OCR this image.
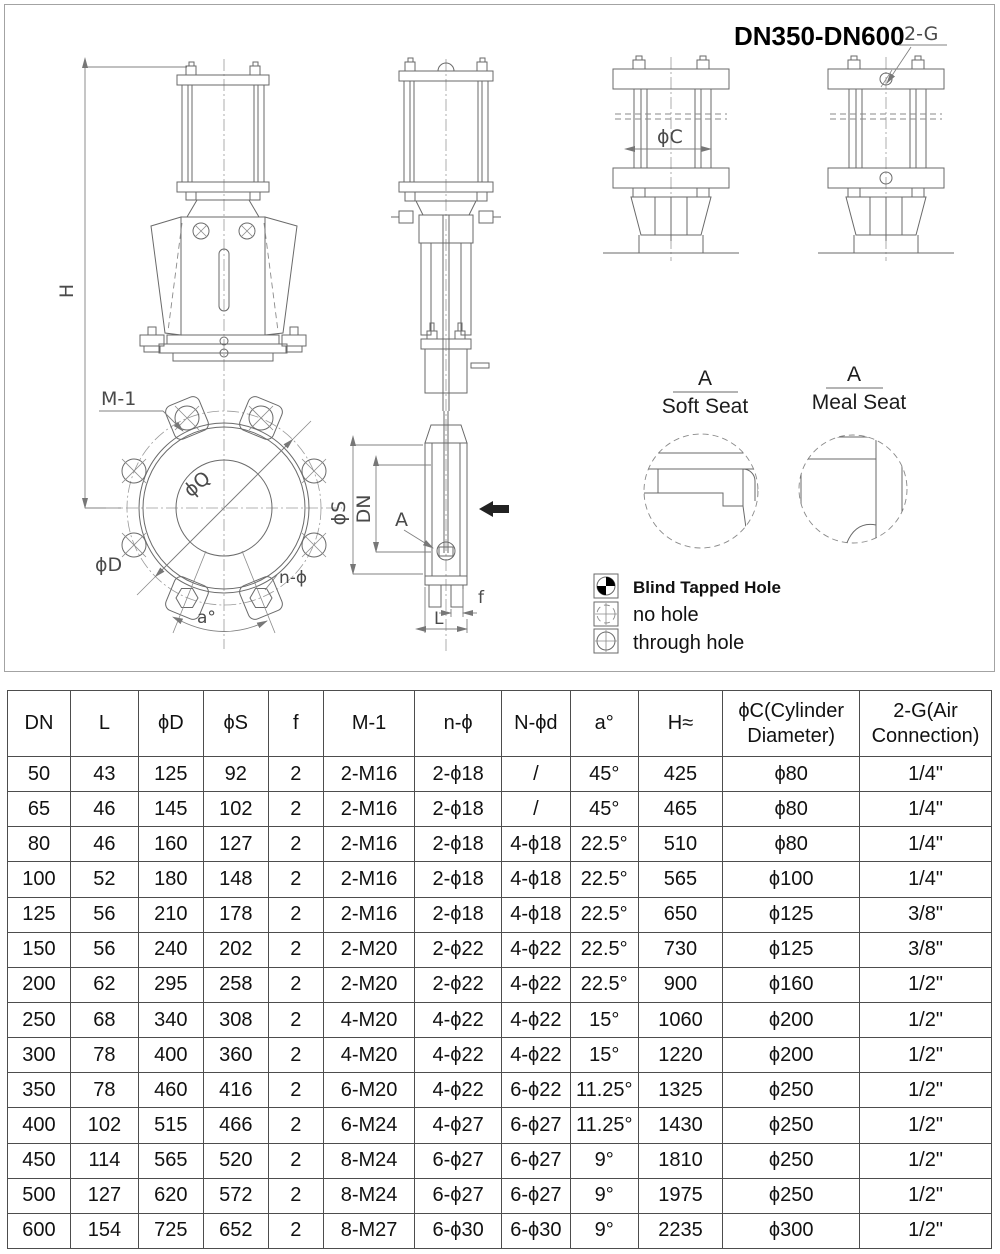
H
ϕD
ϕQ
M-1
n-ϕ
a°
ϕS DN A
f
L
DN350-DN600
ϕC
2-G
A
Soft Seat
A
Meal Seat
Blind Tapped Hole
no hole
through hole
DN	L	ϕD	ϕS	f	M-1	n-ϕ	N-ϕd	a°	H≈	ϕC(Cylinder Diameter)	2-G(Air Connection)
50	43	125	92	2	2-M16	2-ϕ18	/	45°	425	ϕ80	1/4"
65	46	145	102	2	2-M16	2-ϕ18	/	45°	465	ϕ80	1/4"
80	46	160	127	2	2-M16	2-ϕ18	4-ϕ18	22.5°	510	ϕ80	1/4"
100	52	180	148	2	2-M16	2-ϕ18	4-ϕ18	22.5°	565	ϕ100	1/4"
125	56	210	178	2	2-M16	2-ϕ18	4-ϕ18	22.5°	650	ϕ125	3/8"
150	56	240	202	2	2-M20	2-ϕ22	4-ϕ22	22.5°	730	ϕ125	3/8"
200	62	295	258	2	2-M20	2-ϕ22	4-ϕ22	22.5°	900	ϕ160	1/2"
250	68	340	308	2	4-M20	4-ϕ22	4-ϕ22	15°	1060	ϕ200	1/2"
300	78	400	360	2	4-M20	4-ϕ22	4-ϕ22	15°	1220	ϕ200	1/2"
350	78	460	416	2	6-M20	4-ϕ22	6-ϕ22	11.25°	1325	ϕ250	1/2"
400	102	515	466	2	6-M24	4-ϕ27	6-ϕ27	11.25°	1430	ϕ250	1/2"
450	114	565	520	2	8-M24	6-ϕ27	6-ϕ27	9°	1810	ϕ250	1/2"
500	127	620	572	2	8-M24	6-ϕ27	6-ϕ27	9°	1975	ϕ250	1/2"
600	154	725	652	2	8-M27	6-ϕ30	6-ϕ30	9°	2235	ϕ300	1/2"
